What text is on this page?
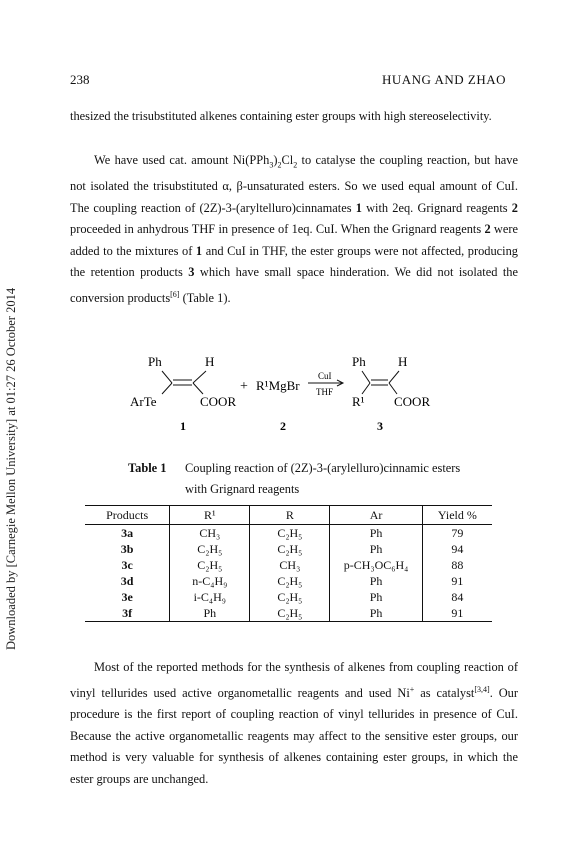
Downloaded by [Carnegie Mellon University] at 01:27 26 October 2014
238	HUANG AND ZHAO
thesized the trisubstituted alkenes containing ester groups with high stereoselectivity.
We have used cat. amount $Ni(PPh_3)_2Cl_2$ to catalyse the coupling reaction, but have not isolated the trisubstituted α, β-unsaturated esters. So we used equal amount of CuI. The coupling reaction of (2Z)-3-(aryltelluro)cinnamates 1 with 2eq. Grignard reagents 2 proceeded in anhydrous THF in presence of 1eq. CuI. When the Grignard reagents 2 were added to the mixtures of 1 and CuI in THF, the ester groups were not affected, producing the retention products 3 which have small space hinderation. We did not isolated the conversion products[6] (Table 1).
Ph	H
ArTe	COOR
1
+ R¹MgBr
2
CuI
THF
Ph H
R¹ COOR
3
Table 1 Coupling reaction of (2Z)-3-(arylelluro)cinnamic esters
with Grignard reagents
Products	R¹	R	Ar	Yield %
3a	CH₃	C₂H₅	Ph	79
3b	C₂H₅	C₂H₅	Ph	94
3c	C₂H₅	CH₃	p-CH₃OC₆H₄	88
3d	n-C₄H₉	C₂H₅	Ph	91
3e	i-C₄H₉	C₂H₅	Ph	84
3f	Ph	C₂H₅	Ph	91
Most of the reported methods for the synthesis of alkenes from coupling reaction of vinyl tellurides used active organometallic reagents and used Ni+ as catalyst[3,4]. Our procedure is the first report of coupling reaction of vinyl tellurides in presence of CuI. Because the active organometallic reagents may affect to the sensitive ester groups, our method is very valuable for synthesis of alkenes containing ester groups, in which the ester groups are unchanged.
